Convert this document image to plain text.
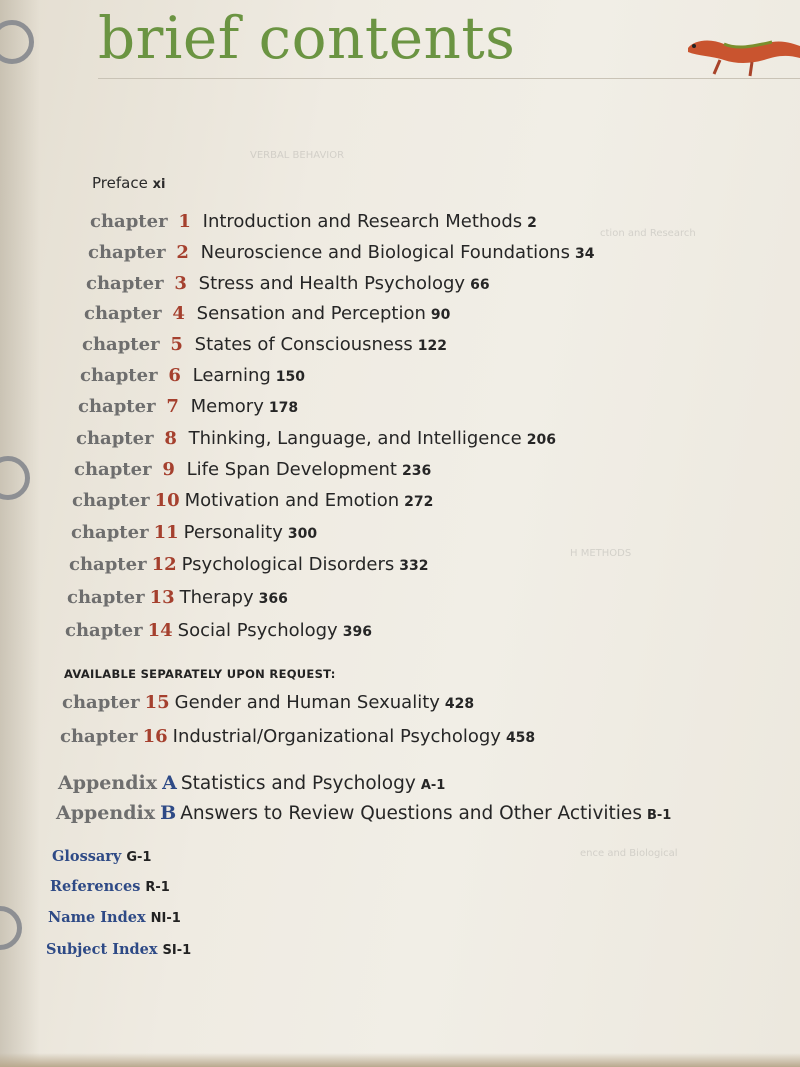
VERBAL BEHAVIOR
ction and Research
H METHODS
ence and Biological
brief contents
Preface xi
chapter 1 Introduction and Research Methods 2
chapter 2 Neuroscience and Biological Foundations 34
chapter 3 Stress and Health Psychology 66
chapter 4 Sensation and Perception 90
chapter 5 States of Consciousness 122
chapter 6 Learning 150
chapter 7 Memory 178
chapter 8 Thinking, Language, and Intelligence 206
chapter 9 Life Span Development 236
chapter 10 Motivation and Emotion 272
chapter 11 Personality 300
chapter 12 Psychological Disorders 332
chapter 13 Therapy 366
chapter 14 Social Psychology 396
AVAILABLE SEPARATELY UPON REQUEST:
chapter 15 Gender and Human Sexuality 428
chapter 16 Industrial/Organizational Psychology 458
Appendix A Statistics and Psychology A-1
Appendix B Answers to Review Questions and Other Activities B-1
Glossary G-1
References R-1
Name Index NI-1
Subject Index SI-1
